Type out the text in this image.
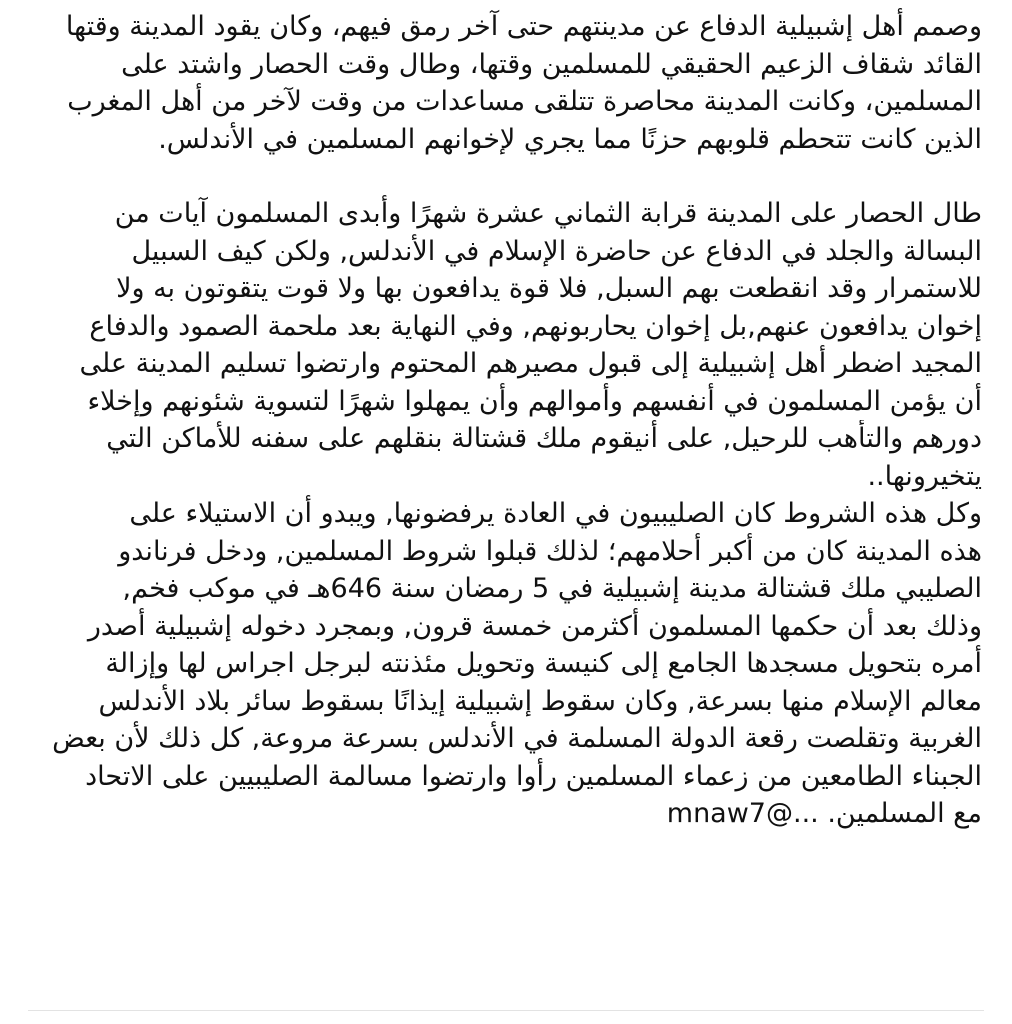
وصمم أهل إشبيلية الدفاع عن مدينتهم حتى آخر رمق فيهم، وكان يقود المدينة وقتها
القائد شقاف الزعيم الحقيقي للمسلمين وقتها، وطال وقت الحصار واشتد على
المسلمين، وكانت المدينة محاصرة تتلقى مساعدات من وقت لآخر من أهل المغرب
الذين كانت تتحطم قلوبهم حزنًا مما يجري لإخوانهم المسلمين في الأندلس.
طال الحصار على المدينة قرابة الثماني عشرة شهرًا وأبدى المسلمون آيات من
البسالة والجلد في الدفاع عن حاضرة الإسلام في الأندلس, ولكن كيف السبيل
للاستمرار وقد انقطعت بهم السبل, فلا قوة يدافعون بها ولا قوت يتقوتون به ولا
إخوان يدافعون عنهم,بل إخوان يحاربونهم, وفي النهاية بعد ملحمة الصمود والدفاع
المجيد اضطر أهل إشبيلية إلى قبول مصيرهم المحتوم وارتضوا تسليم المدينة على
أن يؤمن المسلمون في أنفسهم وأموالهم وأن يمهلوا شهرًا لتسوية شئونهم وإخلاء
دورهم والتأهب للرحيل, على أنيقوم ملك قشتالة بنقلهم على سفنه للأماكن التي
يتخيرونها..
وكل هذه الشروط كان الصليبيون في العادة يرفضونها, ويبدو أن الاستيلاء على
هذه المدينة كان من أكبر أحلامهم؛ لذلك قبلوا شروط المسلمين, ودخل فرناندو
الصليبي ملك قشتالة مدينة إشبيلية في 5 رمضان سنة 646هـ في موكب فخم,
وذلك بعد أن حكمها المسلمون أكثرمن خمسة قرون, وبمجرد دخوله إشبيلية أصدر
أمره بتحويل مسجدها الجامع إلى كنيسة وتحويل مئذنته لبرجل اجراس لها وإزالة
معالم الإسلام منها بسرعة, وكان سقوط إشبيلية إيذانًا بسقوط سائر بلاد الأندلس
الغربية وتقلصت رقعة الدولة المسلمة في الأندلس بسرعة مروعة, كل ذلك لأن بعض
الجبناء الطامعين من زعماء المسلمين رأوا وارتضوا مسالمة الصليبيين على الاتحاد
مع المسلمين. ...@mnaw7
